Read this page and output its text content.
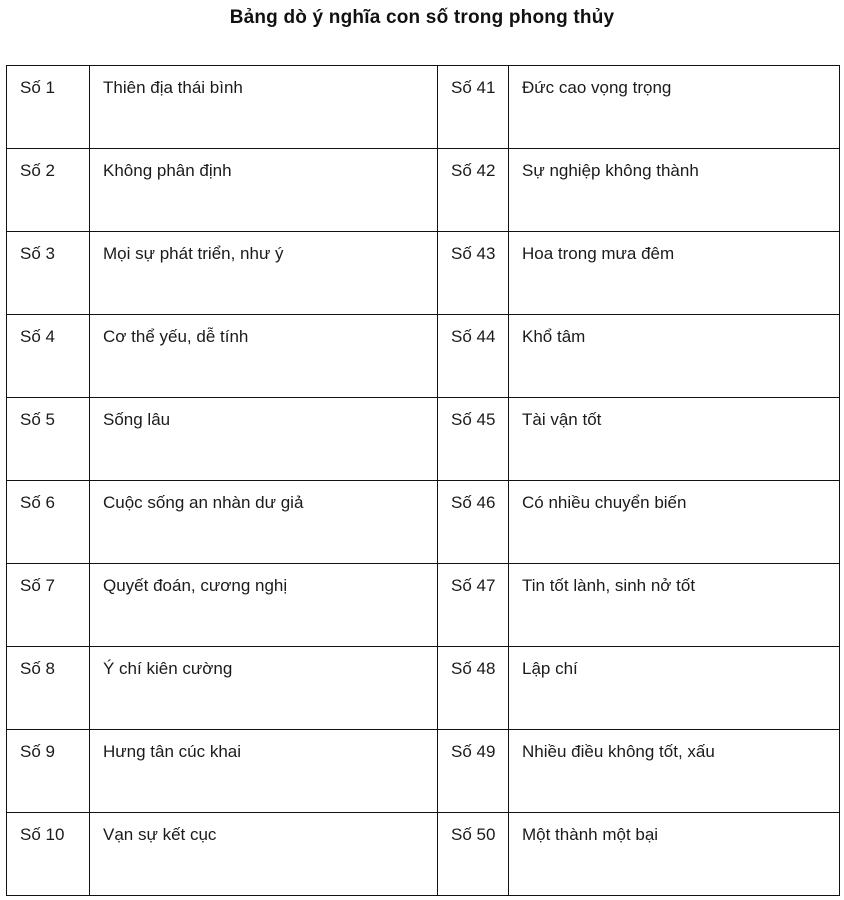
Bảng dò ý nghĩa con số trong phong thủy
Số 1	Thiên địa thái bình	Số 41	Đức cao vọng trọng
Số 2	Không phân định	Số 42	Sự nghiệp không thành
Số 3	Mọi sự phát triển, như ý	Số 43	Hoa trong mưa đêm
Số 4	Cơ thể yếu, dễ tính	Số 44	Khổ tâm
Số 5	Sống lâu	Số 45	Tài vận tốt
Số 6	Cuộc sống an nhàn dư giả	Số 46	Có nhiều chuyển biến
Số 7	Quyết đoán, cương nghị	Số 47	Tin tốt lành, sinh nở tốt
Số 8	Ý chí kiên cường	Số 48	Lập chí
Số 9	Hưng tân cúc khai	Số 49	Nhiều điều không tốt, xấu
Số 10	Vạn sự kết cục	Số 50	Một thành một bại
